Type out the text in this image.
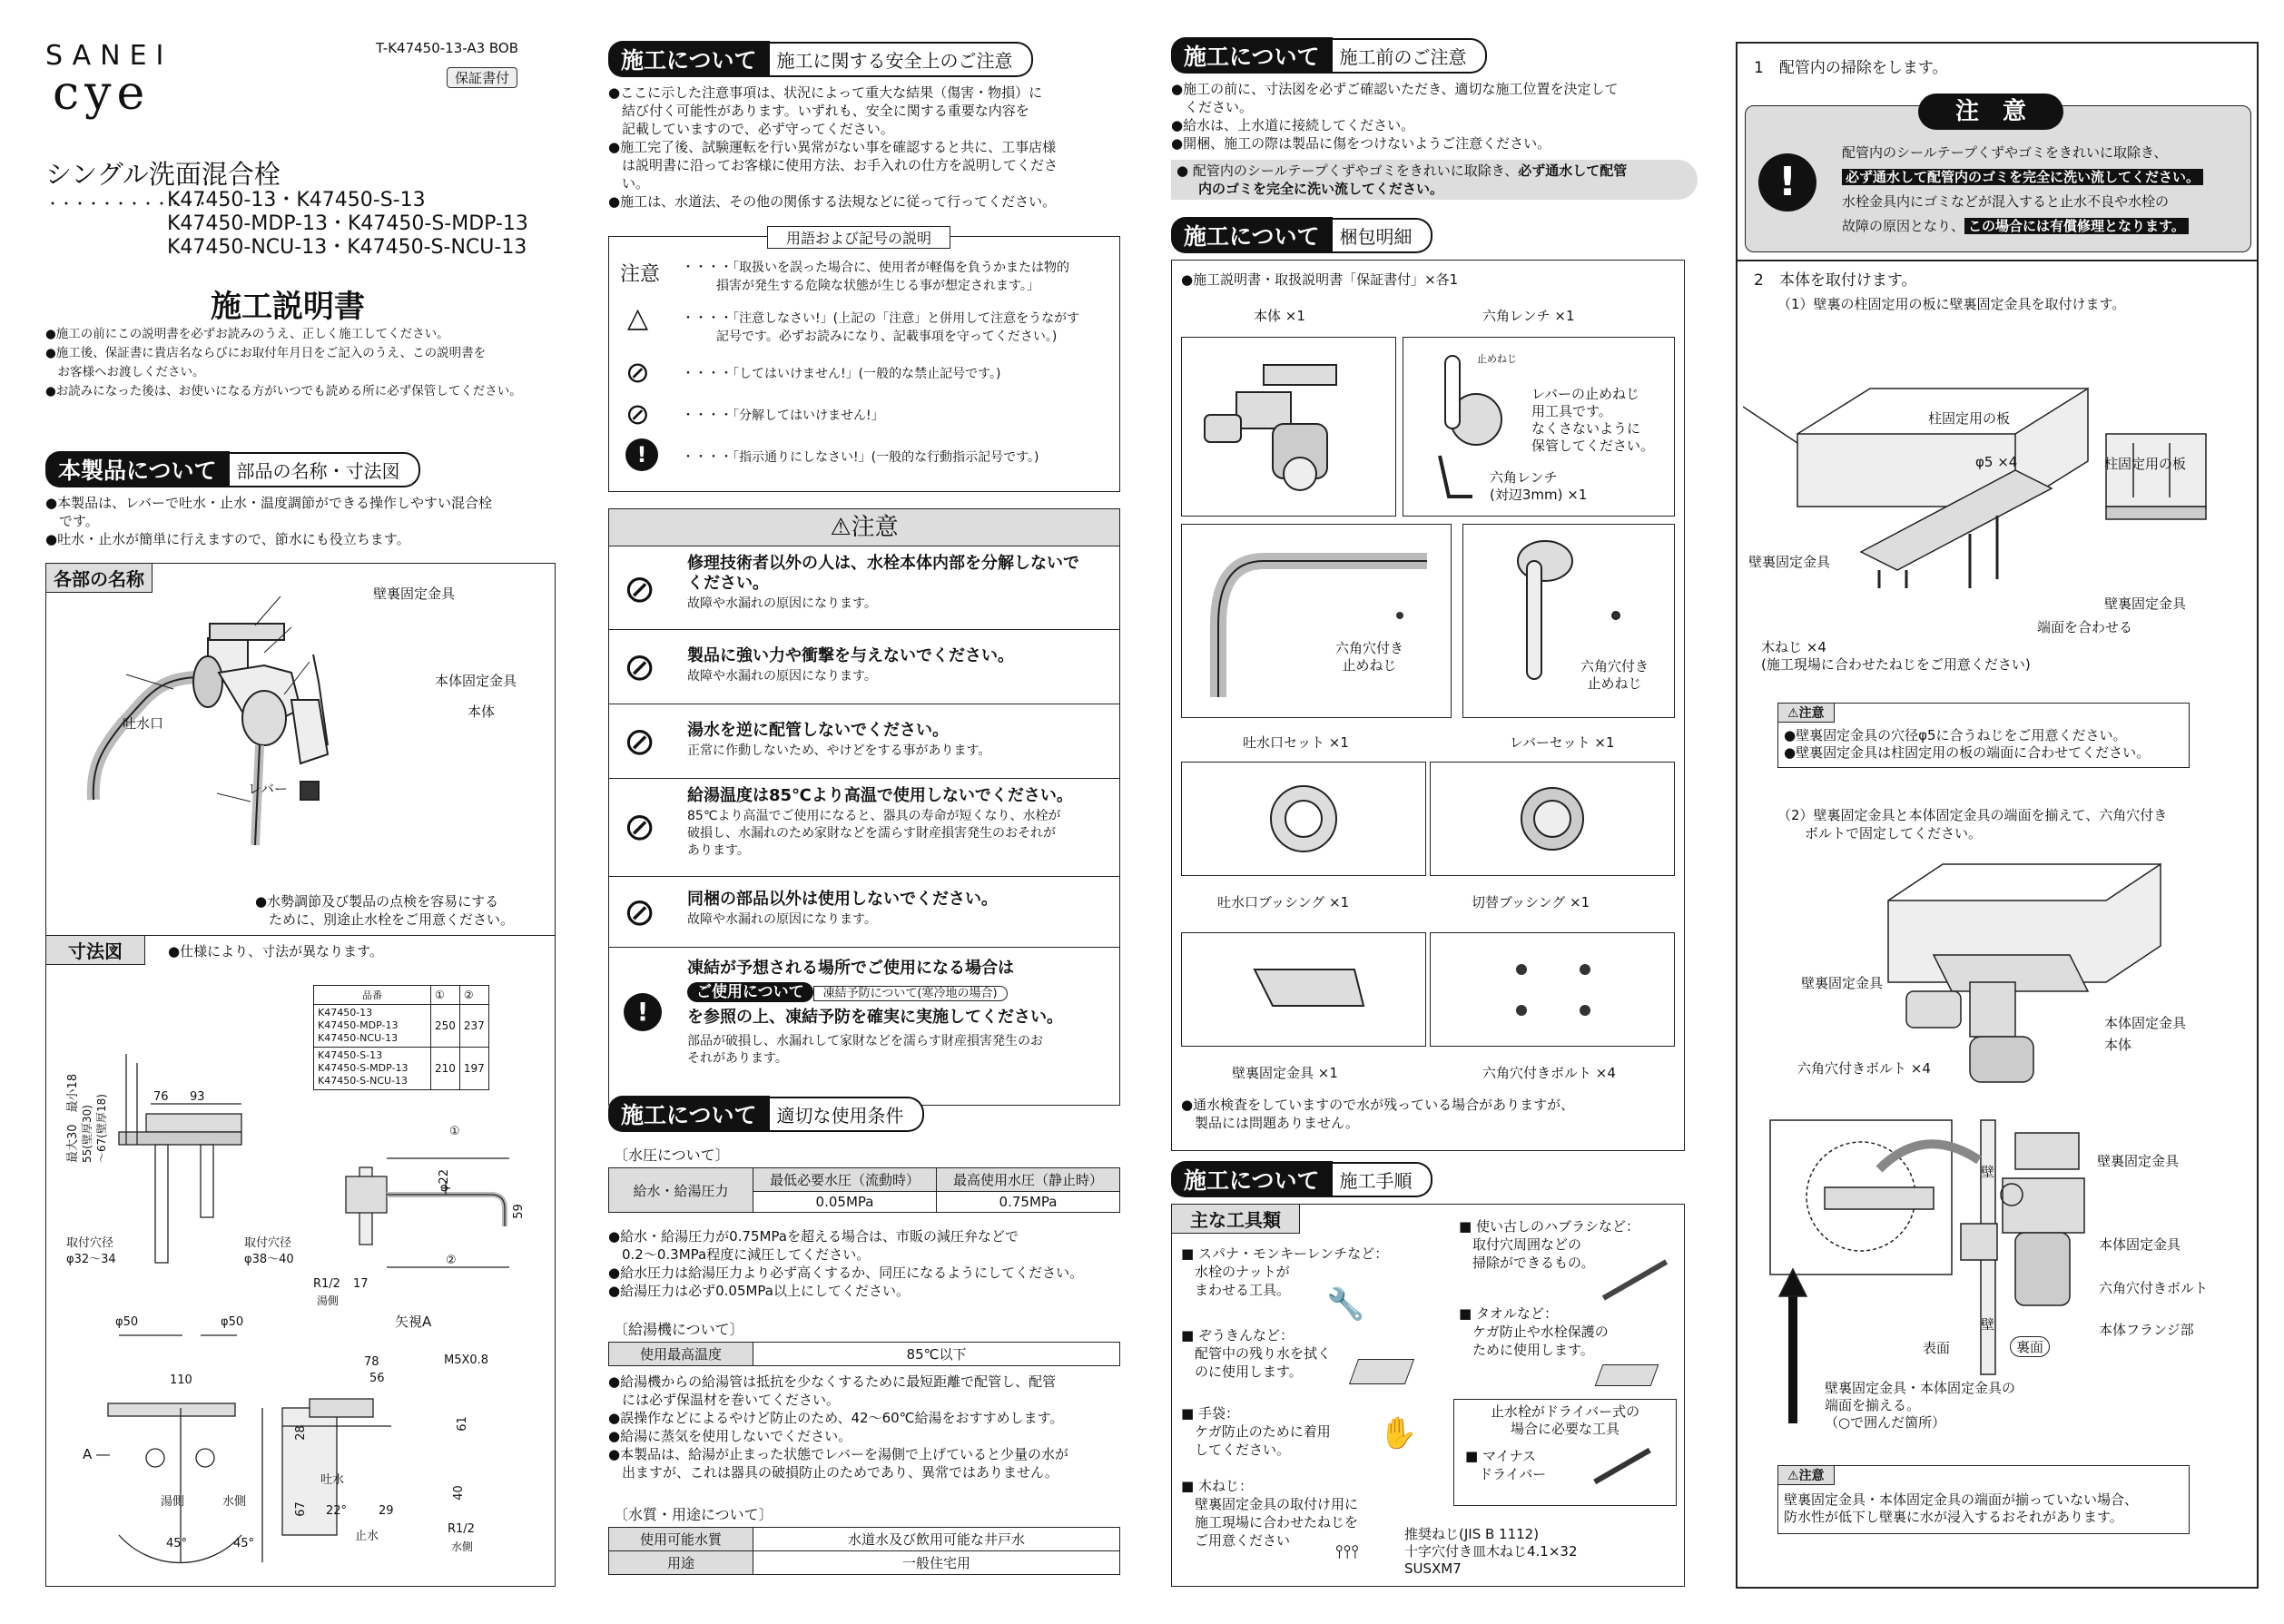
T-K47450-13-A3 BOB
保証書付
SANEI
cye
シングル洗面混合栓
・・・・・・・・・・・・
K47450-13・K47450-S-13
K47450-MDP-13・K47450-S-MDP-13
K47450-NCU-13・K47450-S-NCU-13
施工説明書
●施工の前にこの説明書を必ずお読みのうえ、正しく施工してください。
●施工後、保証書に貴店名ならびにお取付年月日をご記入のうえ、この説明書を
　お客様へお渡しください。
●お読みになった後は、お使いになる方がいつでも読める所に必ず保管してください。
本製品について	部品の名称・寸法図
●本製品は、レバーで吐水・止水・温度調節ができる操作しやすい混合栓
　です。
●吐水・止水が簡単に行えますので、節水にも役立ちます。
各部の名称
壁裏固定金具
本体固定金具
吐水口
本体
レバー
●水勢調節及び製品の点検を容易にする
　ために、別途止水栓をご用意ください。
寸法図	●仕様により、寸法が異なります。
品番	①	②

K47450-13
K47450-MDP-13
K47450-NCU-13	250	237

K47450-S-13
K47450-S-MDP-13
K47450-S-NCU-13	210	197
76 93
最大30　最小18 55(壁厚30) 〜67(壁厚18)
取付穴径
φ32〜34
取付穴径
φ38〜40
φ50	φ50
φ22
59
①
②
R1/2
湯側
17
矢視A
110
A ―
湯側	水側
45°	45°
78
56
M5X0.8
28
61
吐水
67 22°	29
40
止水
R1/2
水側
施工について	施工に関する安全上のご注意
●ここに示した注意事項は、状況によって重大な結果（傷害・物損）に
　結び付く可能性があります。いずれも、安全に関する重要な内容を
　記載していますので、必ず守ってください。
●施工完了後、試験運転を行い異常がない事を確認すると共に、工事店様
　は説明書に沿ってお客様に使用方法、お手入れの仕方を説明してくださ
　い。
●施工は、水道法、その他の関係する法規などに従って行ってください。
用語および記号の説明
注意 ・・・・「取扱いを誤った場合に、使用者が軽傷を負うかまたは物的
損害が発生する危険な状態が生じる事が想定されます。」
△	・・・・「注意しなさい!」(上記の「注意」と併用して注意をうながす
記号です。必ずお読みになり、記載事項を守ってください。)
⊘	・・・・「してはいけません!」(一般的な禁止記号です。)
⊘	・・・・「分解してはいけません!」
!	・・・・「指示通りにしなさい!」(一般的な行動指示記号です。)
⚠注意
⊘
修理技術者以外の人は、水栓本体内部を分解しないで
ください。
故障や水漏れの原因になります。
⊘ 製品に強い力や衝撃を与えないでください。
故障や水漏れの原因になります。
⊘ 湯水を逆に配管しないでください。
正常に作動しないため、やけどをする事があります。
⊘
給湯温度は85℃より高温で使用しないでください。
85℃より高温でご使用になると、器具の寿命が短くなり、水栓が
破損し、水漏れのため家財などを濡らす財産損害発生のおそれが
あります。
⊘ 同梱の部品以外は使用しないでください。
故障や水漏れの原因になります。
!
凍結が予想される場所でご使用になる場合は
ご使用について 凍結予防について(寒冷地の場合)
を参照の上、凍結予防を確実に実施してください。
部品が破損し、水漏れして家財などを濡らす財産損害発生のお
それがあります。
施工について	適切な使用条件
〔水圧について〕
給水・給湯圧力	最低必要水圧（流動時）	最高使用水圧（静止時）
	0.05MPa	0.75MPa
●給水・給湯圧力が0.75MPaを超える場合は、市販の減圧弁などで
　0.2〜0.3MPa程度に減圧してください。
●給水圧力は給湯圧力より必ず高くするか、同圧になるようにしてください。
●給湯圧力は必ず0.05MPa以上にしてください。
〔給湯機について〕
使用最高温度	85℃以下
●給湯機からの給湯管は抵抗を少なくするために最短距離で配管し、配管
　には必ず保温材を巻いてください。
●誤操作などによるやけど防止のため、42〜60℃給湯をおすすめします。
●給湯に蒸気を使用しないでください。
●本製品は、給湯が止まった状態でレバーを湯側で上げていると少量の水が
　出ますが、これは器具の破損防止のためであり、異常ではありません。
〔水質・用途について〕
使用可能水質	水道水及び飲用可能な井戸水
用途	一般住宅用
施工について	施工前のご注意
●施工の前に、寸法図を必ずご確認いただき、適切な施工位置を決定して
　ください。
●給水は、上水道に接続してください。
●開梱、施工の際は製品に傷をつけないようご注意ください。
● 配管内のシールテープくずやゴミをきれいに取除き、必ず通水して配管
内のゴミを完全に洗い流してください。
施工について	梱包明細
●施工説明書・取扱説明書「保証書付」×各1
本体 ×1	六角レンチ ×1
止めねじ
レバーの止めねじ
用工具です。
なくさないように
保管してください。
六角レンチ
(対辺3mm) ×1
六角穴付き
止めねじ
吐水口セット ×1
六角穴付き
止めねじ
レバーセット ×1
吐水口ブッシング ×1	切替ブッシング ×1
壁裏固定金具 ×1	六角穴付きボルト ×4
●通水検査をしていますので水が残っている場合がありますが、
　製品には問題ありません。
施工について	施工手順
主な工具類
■ スパナ・モンキーレンチなど：
　水栓のナットが
　まわせる工具。	🔧
■ ぞうきんなど：
　配管中の残り水を拭く
　のに使用します。
■ 手袋：
　ケガ防止のために着用
　してください。	✋
■ 木ねじ：
　壁裏固定金具の取付け用に
　施工現場に合わせたねじを
　ご用意ください	⫯⫯⫯
■ 使い古しのハブラシなど：
　取付穴周囲などの
　掃除ができるもの。
■ タオルなど：
　ケガ防止や水栓保護の
　ために使用します。
止水栓がドライバー式の
場合に必要な工具
■ マイナス
　ドライバー
推奨ねじ(JIS B 1112)
十字穴付き皿木ねじ4.1×32
SUSXM7
1　配管内の掃除をします。
注　意
!
配管内のシールテープくずやゴミをきれいに取除き、
必ず通水して配管内のゴミを完全に洗い流してください。
水栓金具内にゴミなどが混入すると止水不良や水栓の
故障の原因となり、 この場合には有償修理となります。
2　本体を取付けます。
（1）壁裏の柱固定用の板に壁裏固定金具を取付けます。
柱固定用の板
φ5 ×4	柱固定用の板
壁裏固定金具
壁裏固定金具
端面を合わせる
木ねじ ×4
(施工現場に合わせたねじをご用意ください)
⚠注意
●壁裏固定金具の穴径φ5に合うねじをご用意ください。
●壁裏固定金具は柱固定用の板の端面に合わせてください。
（2）壁裏固定金具と本体固定金具の端面を揃えて、六角穴付き
　　ボルトで固定してください。
壁裏固定金具
本体固定金具
本体
六角穴付きボルト ×4
壁
壁
壁裏固定金具
本体固定金具
六角穴付きボルト
本体フランジ部
表面	裏面
壁裏固定金具・本体固定金具の
端面を揃える。
（○で囲んだ箇所）
⚠注意
壁裏固定金具・本体固定金具の端面が揃っていない場合、
防水性が低下し壁裏に水が浸入するおそれがあります。
